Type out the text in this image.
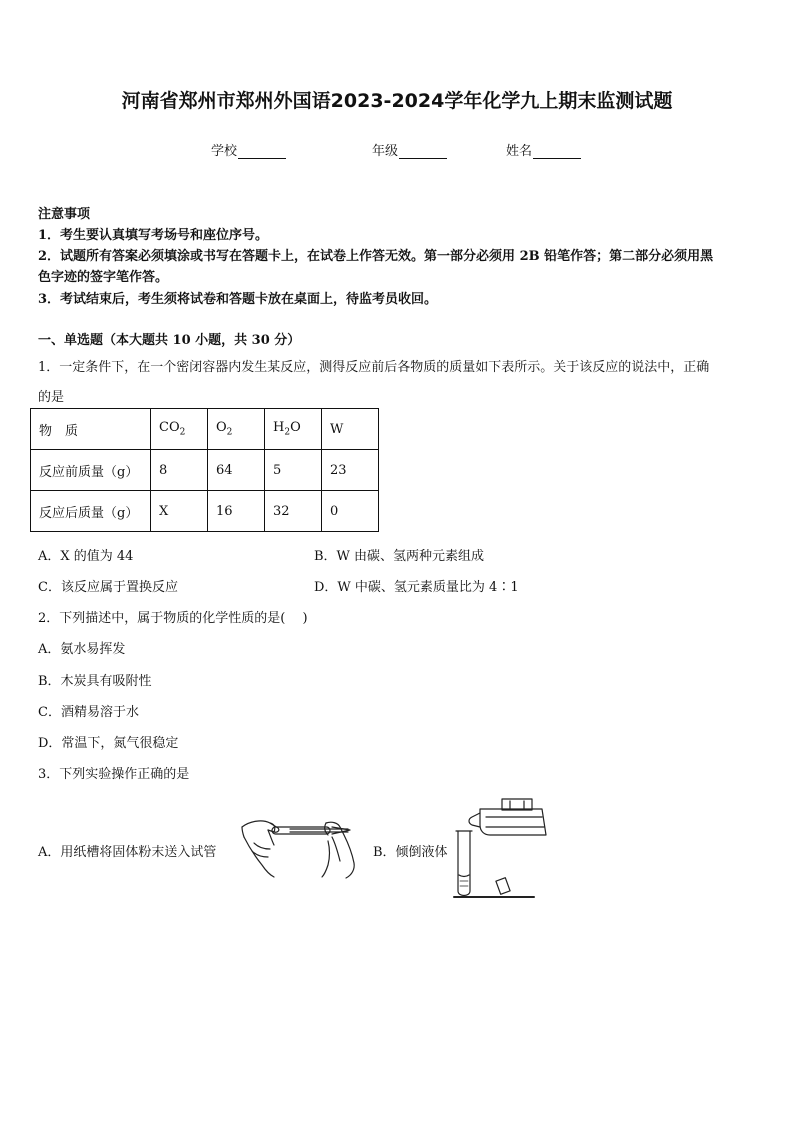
河南省郑州市郑州外国语2023-2024学年化学九上期末监测试题
学校	年级	姓名
注意事项
1．考生要认真填写考场号和座位序号。
2．试题所有答案必须填涂或书写在答题卡上，在试卷上作答无效。第一部分必须用 2B 铅笔作答；第二部分必须用黑
色字迹的签字笔作答。
3．考试结束后，考生须将试卷和答题卡放在桌面上，待监考员收回。
一、单选题（本大题共 10 小题，共 30 分）
1．一定条件下，在一个密闭容器内发生某反应，测得反应前后各物质的质量如下表所示。关于该反应的说法中，正确
的是
物　质	$CO_2$	$O_2$	$H_2O$	W
反应前质量（g）	8	64	5	23
反应后质量（g）	X	16	32	0
A．X 的值为 44	B．W 由碳、氢两种元素组成
C．该反应属于置换反应	D．W 中碳、氢元素质量比为 4∶1
2．下列描述中，属于物质的化学性质的是(　 )
A．氨水易挥发
B．木炭具有吸附性
C．酒精易溶于水
D．常温下，氮气很稳定
3．下列实验操作正确的是
A．用纸槽将固体粉末送入试管	B．倾倒液体
